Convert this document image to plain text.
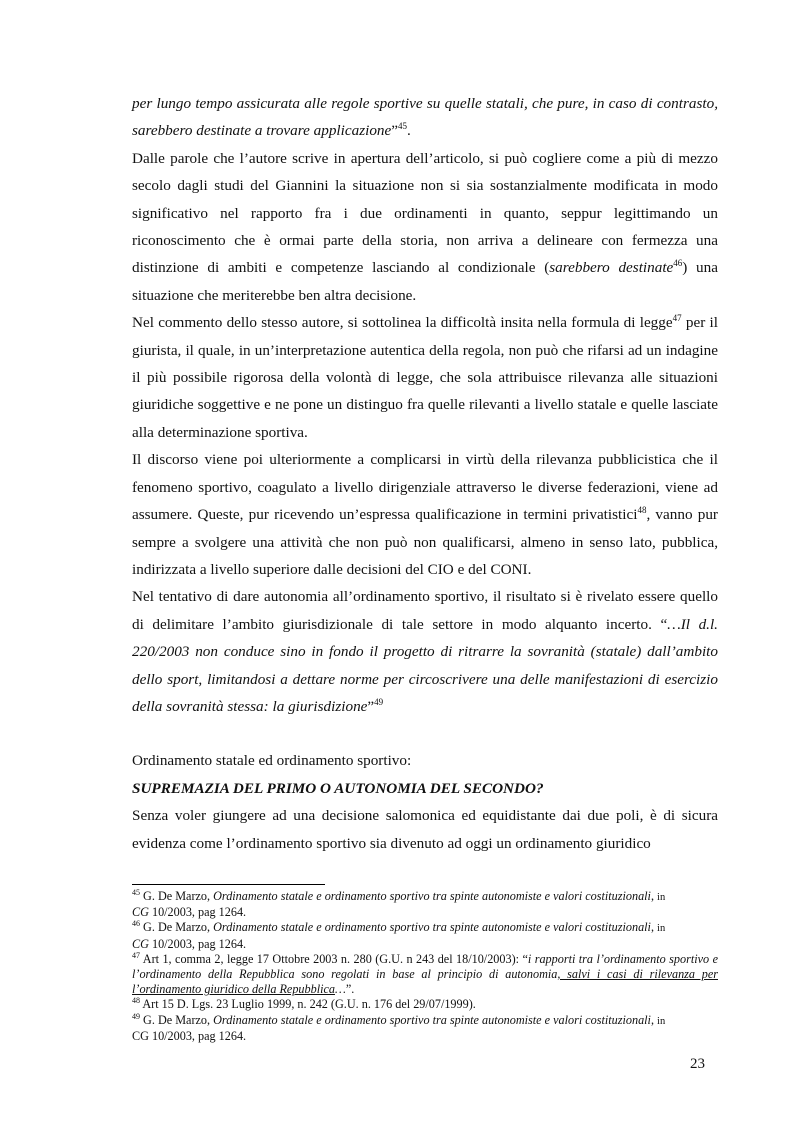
per lungo tempo assicurata alle regole sportive su quelle statali, che pure, in caso di contrasto, sarebbero destinate a trovare applicazione”$^{45}$.

Dalle parole che l’autore scrive in apertura dell’articolo, si può cogliere come a più di mezzo secolo dagli studi del Giannini la situazione non si sia sostanzialmente modificata in modo significativo nel rapporto fra i due ordinamenti in quanto, seppur legittimando un riconoscimento che è ormai parte della storia, non arriva a delineare con fermezza una distinzione di ambiti e competenze lasciando al condizionale (sarebbero destinate$^{46}$) una situazione che meriterebbe ben altra decisione.

Nel commento dello stesso autore, si sottolinea la difficoltà insita nella formula di legge$^{47}$ per il giurista, il quale, in un’interpretazione autentica della regola, non può che rifarsi ad un indagine il più possibile rigorosa della volontà di legge, che sola attribuisce rilevanza alle situazioni giuridiche soggettive e ne pone un distinguo fra quelle rilevanti a livello statale e quelle lasciate alla determinazione sportiva.

Il discorso viene poi ulteriormente a complicarsi in virtù della rilevanza pubblicistica che il fenomeno sportivo, coagulato a livello dirigenziale attraverso le diverse federazioni, viene ad assumere. Queste, pur ricevendo un’espressa qualificazione in termini privatistici$^{48}$, vanno pur sempre a svolgere una attività che non può non qualificarsi, almeno in senso lato, pubblica, indirizzata a livello superiore dalle decisioni del CIO e del CONI.

Nel tentativo di dare autonomia all’ordinamento sportivo, il risultato si è rivelato essere quello di delimitare l’ambito giurisdizionale di tale settore in modo alquanto incerto. “…Il d.l. 220/2003 non conduce sino in fondo il progetto di ritrarre la sovranità (statale) dall’ambito dello sport, limitandosi a dettare norme per circoscrivere una delle manifestazioni di esercizio della sovranità stessa: la giurisdizione”$^{49}$

Ordinamento statale ed ordinamento sportivo:

SUPREMAZIA DEL PRIMO O AUTONOMIA DEL SECONDO?

Senza voler giungere ad una decisione salomonica ed equidistante dai due poli, è di sicura evidenza come l’ordinamento sportivo sia divenuto ad oggi un ordinamento giuridico

$^{45}$ G. De Marzo, Ordinamento statale e ordinamento sportivo tra spinte autonomiste e valori costituzionali, in
CG 10/2003, pag 1264.

$^{46}$ G. De Marzo, Ordinamento statale e ordinamento sportivo tra spinte autonomiste e valori costituzionali, in
CG 10/2003, pag 1264.

$^{47}$ Art 1, comma 2, legge 17 Ottobre 2003 n. 280 (G.U. n 243 del 18/10/2003): “i rapporti tra l’ordinamento sportivo e l’ordinamento della Repubblica sono regolati in base al principio di autonomia, salvi i casi di rilevanza per l’ordinamento giuridico della Repubblica…”.

$^{48}$ Art 15 D. Lgs. 23 Luglio 1999, n. 242 (G.U. n. 176 del 29/07/1999).

$^{49}$ G. De Marzo, Ordinamento statale e ordinamento sportivo tra spinte autonomiste e valori costituzionali, in
CG 10/2003, pag 1264.

23
